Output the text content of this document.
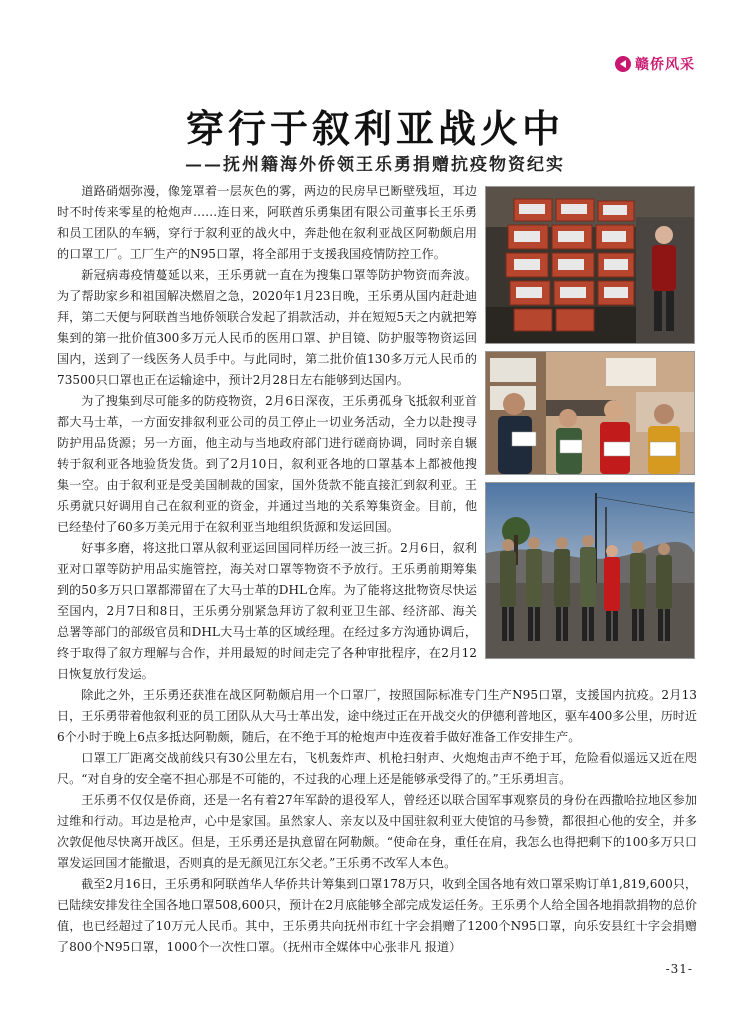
赣侨风采
穿行于叙利亚战火中
——抚州籍海外侨领王乐勇捐赠抗疫物资纪实

道路硝烟弥漫，像笼罩着一层灰色的雾，两边的民房早已断壁残垣，耳边时不时传来零星的枪炮声……连日来，阿联酋乐勇集团有限公司董事长王乐勇和员工团队的车辆，穿行于叙利亚的战火中，奔赴他在叙利亚战区阿勒颇启用的口罩工厂。工厂生产的N95口罩，将全部用于支援我国疫情防控工作。

新冠病毒疫情蔓延以来，王乐勇就一直在为搜集口罩等防护物资而奔波。为了帮助家乡和祖国解决燃眉之急，2020年1月23日晚，王乐勇从国内赶赴迪拜，第二天便与阿联酋当地侨领联合发起了捐款活动，并在短短5天之内就把筹集到的第一批价值300多万元人民币的医用口罩、护目镜、防护服等物资运回国内，送到了一线医务人员手中。与此同时，第二批价值130多万元人民币的73500只口罩也正在运输途中，预计2月28日左右能够到达国内。

为了搜集到尽可能多的防疫物资，2月6日深夜，王乐勇孤身飞抵叙利亚首都大马士革，一方面安排叙利亚公司的员工停止一切业务活动，全力以赴搜寻防护用品货源；另一方面，他主动与当地政府部门进行磋商协调，同时亲自辗转于叙利亚各地验货发货。到了2月10日，叙利亚各地的口罩基本上都被他搜集一空。由于叙利亚是受美国制裁的国家，国外货款不能直接汇到叙利亚。王乐勇就只好调用自己在叙利亚的资金，并通过当地的关系筹集资金。目前，他已经垫付了60多万美元用于在叙利亚当地组织货源和发运回国。

好事多磨，将这批口罩从叙利亚运回国同样历经一波三折。2月6日，叙利亚对口罩等防护用品实施管控，海关对口罩等物资不予放行。王乐勇前期筹集到的50多万只口罩都滞留在了大马士革的DHL仓库。为了能将这批物资尽快运至国内，2月7日和8日，王乐勇分别紧急拜访了叙利亚卫生部、经济部、海关总署等部门的部级官员和DHL大马士革的区域经理。在经过多方沟通协调后，终于取得了叙方理解与合作，并用最短的时间走完了各种审批程序，在2月12日恢复放行发运。

除此之外，王乐勇还获准在战区阿勒颇启用一个口罩厂，按照国际标准专门生产N95口罩，支援国内抗疫。2月13日，王乐勇带着他叙利亚的员工团队从大马士革出发，途中绕过正在开战交火的伊德利普地区，驱车400多公里，历时近6个小时于晚上6点多抵达阿勒颇，随后，在不绝于耳的枪炮声中连夜着手做好准备工作安排生产。

口罩工厂距离交战前线只有30公里左右，飞机轰炸声、机枪扫射声、火炮炮击声不绝于耳，危险看似遥远又近在咫尺。“对自身的安全毫不担心那是不可能的，不过我的心理上还是能够承受得了的。”王乐勇坦言。

王乐勇不仅仅是侨商，还是一名有着27年军龄的退役军人，曾经还以联合国军事观察员的身份在西撒哈拉地区参加过维和行动。耳边是枪声，心中是家国。虽然家人、亲友以及中国驻叙利亚大使馆的马参赞，都很担心他的安全，并多次敦促他尽快离开战区。但是，王乐勇还是执意留在阿勒颇。“使命在身，重任在肩，我怎么也得把剩下的100多万只口罩发运回国才能撤退，否则真的是无颜见江东父老。”王乐勇不改军人本色。

截至2月16日，王乐勇和阿联酋华人华侨共计筹集到口罩178万只，收到全国各地有效口罩采购订单1,819,600只，已陆续安排发往全国各地口罩508,600只，预计在2月底能够全部完成发运任务。王乐勇个人给全国各地捐款捐物的总价值，也已经超过了10万元人民币。其中，王乐勇共向抚州市红十字会捐赠了1200个N95口罩，向乐安县红十字会捐赠了800个N95口罩，1000个一次性口罩。（抚州市全媒体中心张非凡 报道）

-31-
